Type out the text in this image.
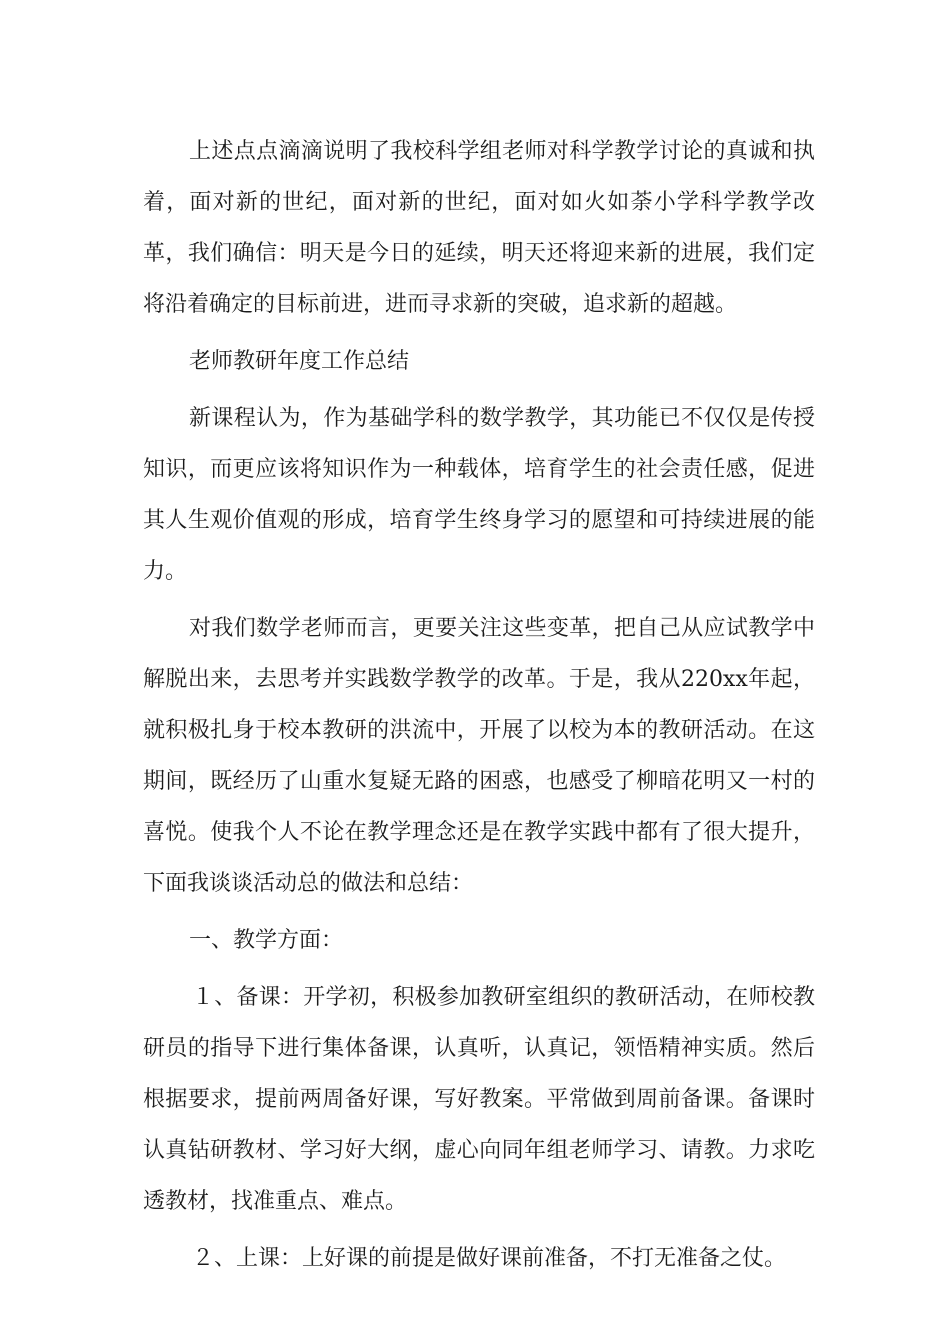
上述点点滴滴说明了我校科学组老师对科学教学讨论的真诚和执着，面对新的世纪，面对新的世纪，面对如火如荼小学科学教学改革，我们确信：明天是今日的延续，明天还将迎来新的进展，我们定将沿着确定的目标前进，进而寻求新的突破，追求新的超越。

老师教研年度工作总结

新课程认为，作为基础学科的数学教学，其功能已不仅仅是传授知识，而更应该将知识作为一种载体，培育学生的社会责任感，促进其人生观价值观的形成，培育学生终身学习的愿望和可持续进展的能力。

对我们数学老师而言，更要关注这些变革，把自己从应试教学中解脱出来，去思考并实践数学教学的改革。于是，我从220xx年起，就积极扎身于校本教研的洪流中，开展了以校为本的教研活动。在这期间，既经历了山重水复疑无路的困惑，也感受了柳暗花明又一村的喜悦。使我个人不论在教学理念还是在教学实践中都有了很大提升，下面我谈谈活动总的做法和总结：

一、教学方面：

１、备课：开学初，积极参加教研室组织的教研活动，在师校教研员的指导下进行集体备课，认真听，认真记，领悟精神实质。然后根据要求，提前两周备好课，写好教案。平常做到周前备课。备课时认真钻研教材、学习好大纲，虚心向同年组老师学习、请教。力求吃透教材，找准重点、难点。

２、上课：上好课的前提是做好课前准备，不打无准备之仗。
